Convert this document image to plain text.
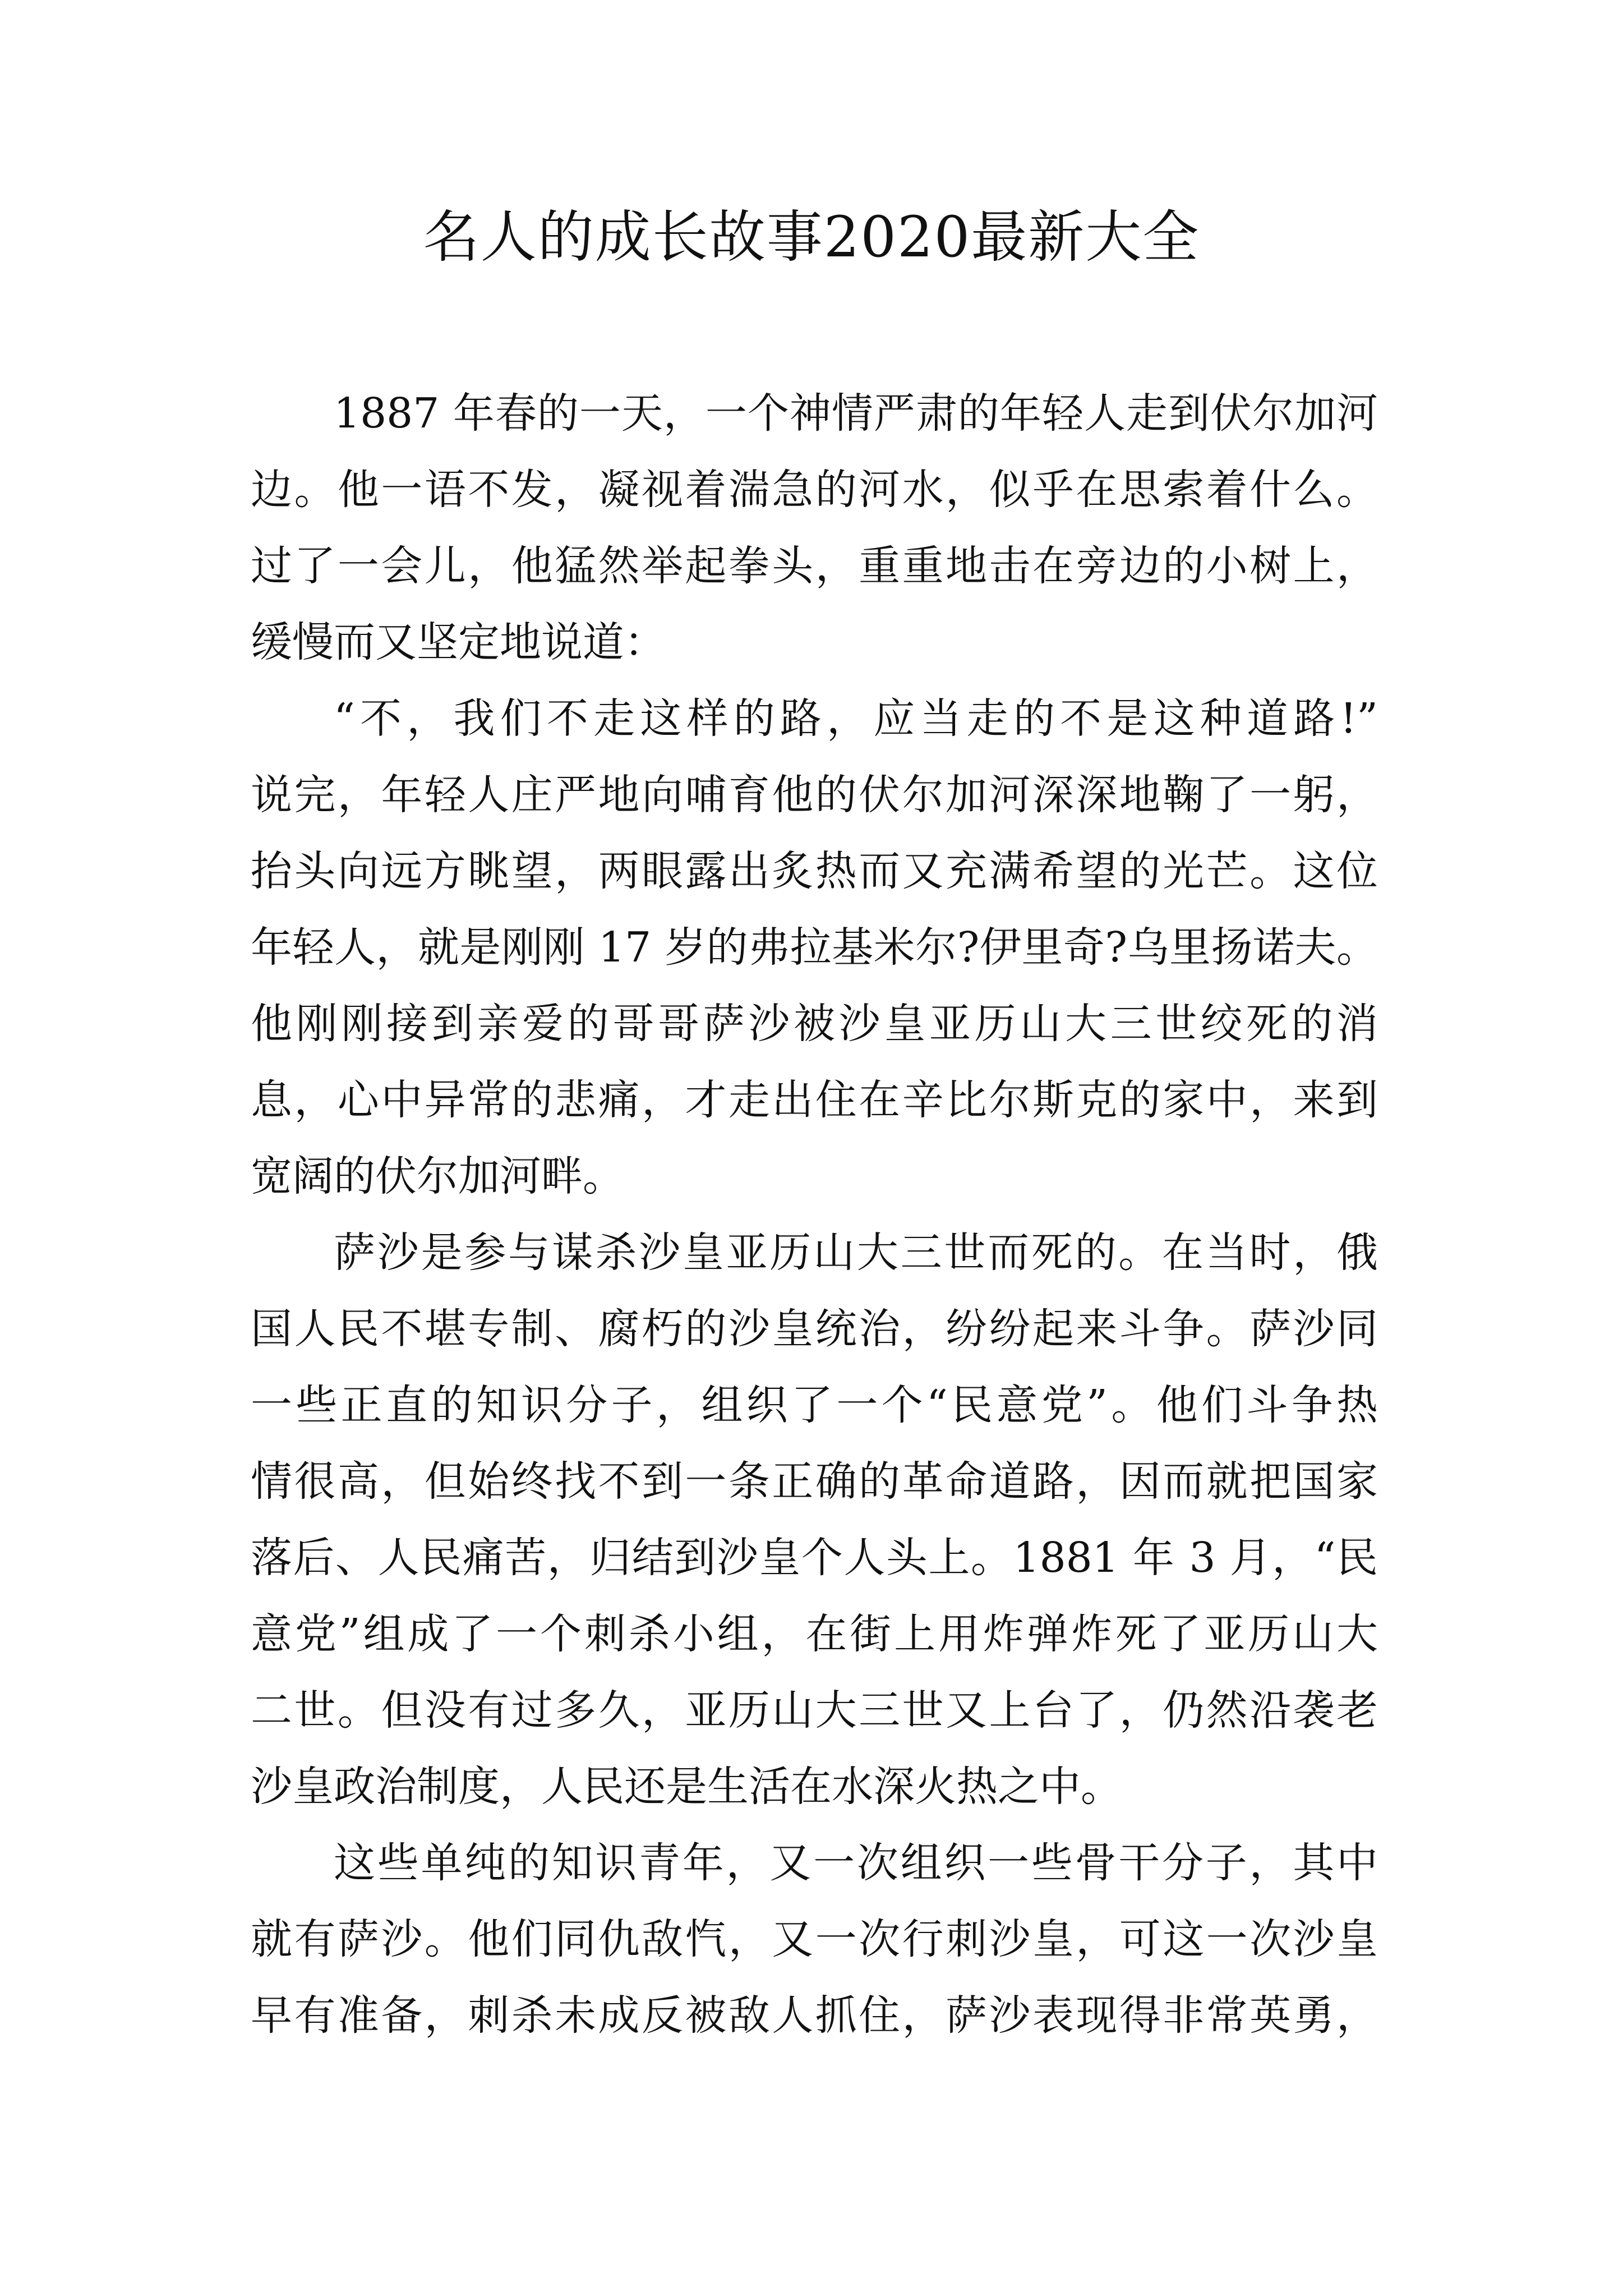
名人的成长故事2020最新大全
1887 年春的一天，一个神情严肃的年轻人走到伏尔加河
边。他一语不发，凝视着湍急的河水，似乎在思索着什么。
过了一会儿，他猛然举起拳头，重重地击在旁边的小树上，
缓慢而又坚定地说道：
“不，我们不走这样的路，应当走的不是这种道路!”
说完，年轻人庄严地向哺育他的伏尔加河深深地鞠了一躬，
抬头向远方眺望，两眼露出炙热而又充满希望的光芒。这位
年轻人，就是刚刚 17 岁的弗拉基米尔?伊里奇?乌里扬诺夫。
他刚刚接到亲爱的哥哥萨沙被沙皇亚历山大三世绞死的消
息，心中异常的悲痛，才走出住在辛比尔斯克的家中，来到
宽阔的伏尔加河畔。
萨沙是参与谋杀沙皇亚历山大三世而死的。在当时，俄
国人民不堪专制、腐朽的沙皇统治，纷纷起来斗争。萨沙同
一些正直的知识分子，组织了一个“民意党”。他们斗争热
情很高，但始终找不到一条正确的革命道路，因而就把国家
落后、人民痛苦，归结到沙皇个人头上。1881 年 3 月，“民
意党”组成了一个刺杀小组，在街上用炸弹炸死了亚历山大
二世。但没有过多久，亚历山大三世又上台了，仍然沿袭老
沙皇政治制度，人民还是生活在水深火热之中。
这些单纯的知识青年，又一次组织一些骨干分子，其中
就有萨沙。他们同仇敌忾，又一次行刺沙皇，可这一次沙皇
早有准备，刺杀未成反被敌人抓住，萨沙表现得非常英勇，
